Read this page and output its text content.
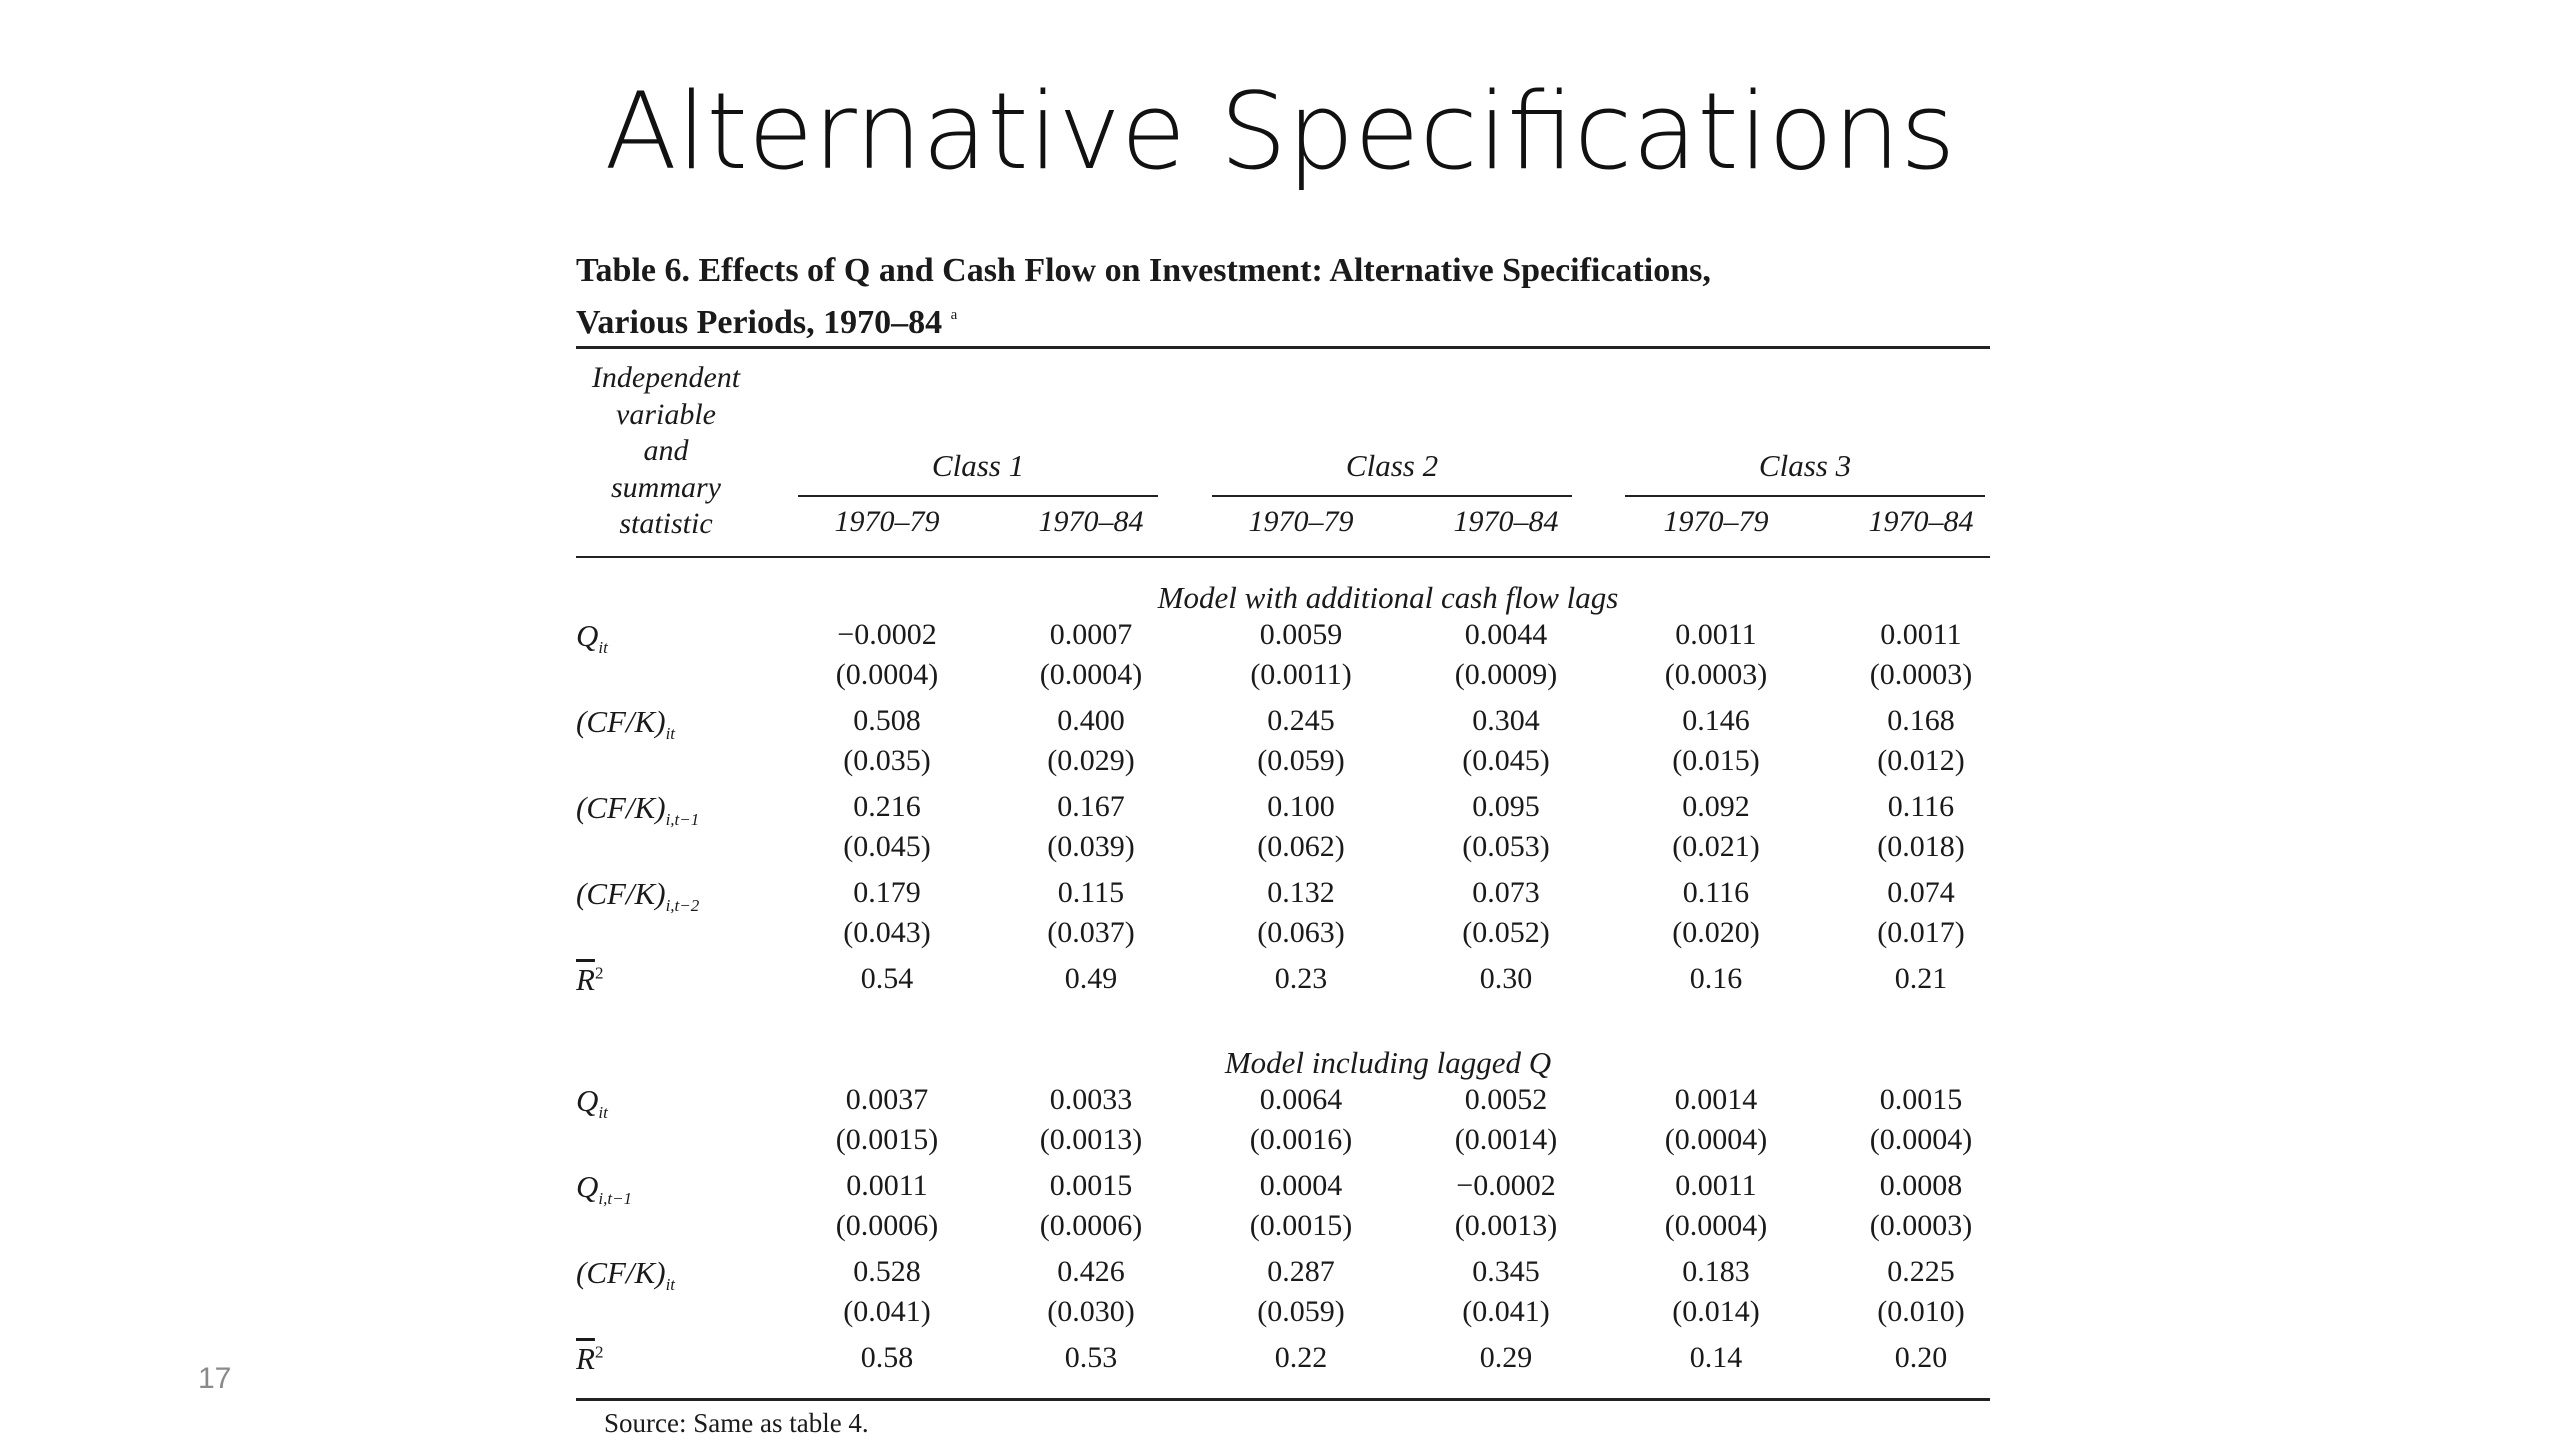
Alternative Specifications
Table 6. Effects of Q and Cash Flow on Investment: Alternative Specifications,
Various Periods, 1970–84 $^a$
Independent
variable
and
summary
statistic
Source: Same as table 4.
Class 1	Class 2	Class 3
1970–79	1970–84	1970–79	1970–84	1970–79	1970–84
Model with additional cash flow lags
$Q_{it}$	−0.0002	0.0007	0.0059	0.0044	0.0011	0.0011
(0.0004)	(0.0004)	(0.0011)	(0.0009)	(0.0003)	(0.0003)
$(CF/K)_{it}$	0.508	0.400	0.245	0.304	0.146	0.168
(0.035)	(0.029)	(0.059)	(0.045)	(0.015)	(0.012)
$(CF/K)_{i,t-1}$	0.216	0.167	0.100	0.095	0.092	0.116
(0.045)	(0.039)	(0.062)	(0.053)	(0.021)	(0.018)
$(CF/K)_{i,t-2}$	0.179	0.115	0.132	0.073	0.116	0.074
(0.043)	(0.037)	(0.063)	(0.052)	(0.020)	(0.017)
$\overline{R}^2$	0.54	0.49	0.23	0.30	0.16	0.21
Model including lagged Q
$Q_{it}$	0.0037	0.0033	0.0064	0.0052	0.0014	0.0015
(0.0015)	(0.0013)	(0.0016)	(0.0014)	(0.0004)	(0.0004)
$Q_{i,t-1}$	0.0011	0.0015	0.0004	−0.0002	0.0011	0.0008
(0.0006)	(0.0006)	(0.0015)	(0.0013)	(0.0004)	(0.0003)
$(CF/K)_{it}$	0.528	0.426	0.287	0.345	0.183	0.225
(0.041)	(0.030)	(0.059)	(0.041)	(0.014)	(0.010)
$\overline{R}^2$	0.58	0.53	0.22	0.29	0.14	0.20
17
